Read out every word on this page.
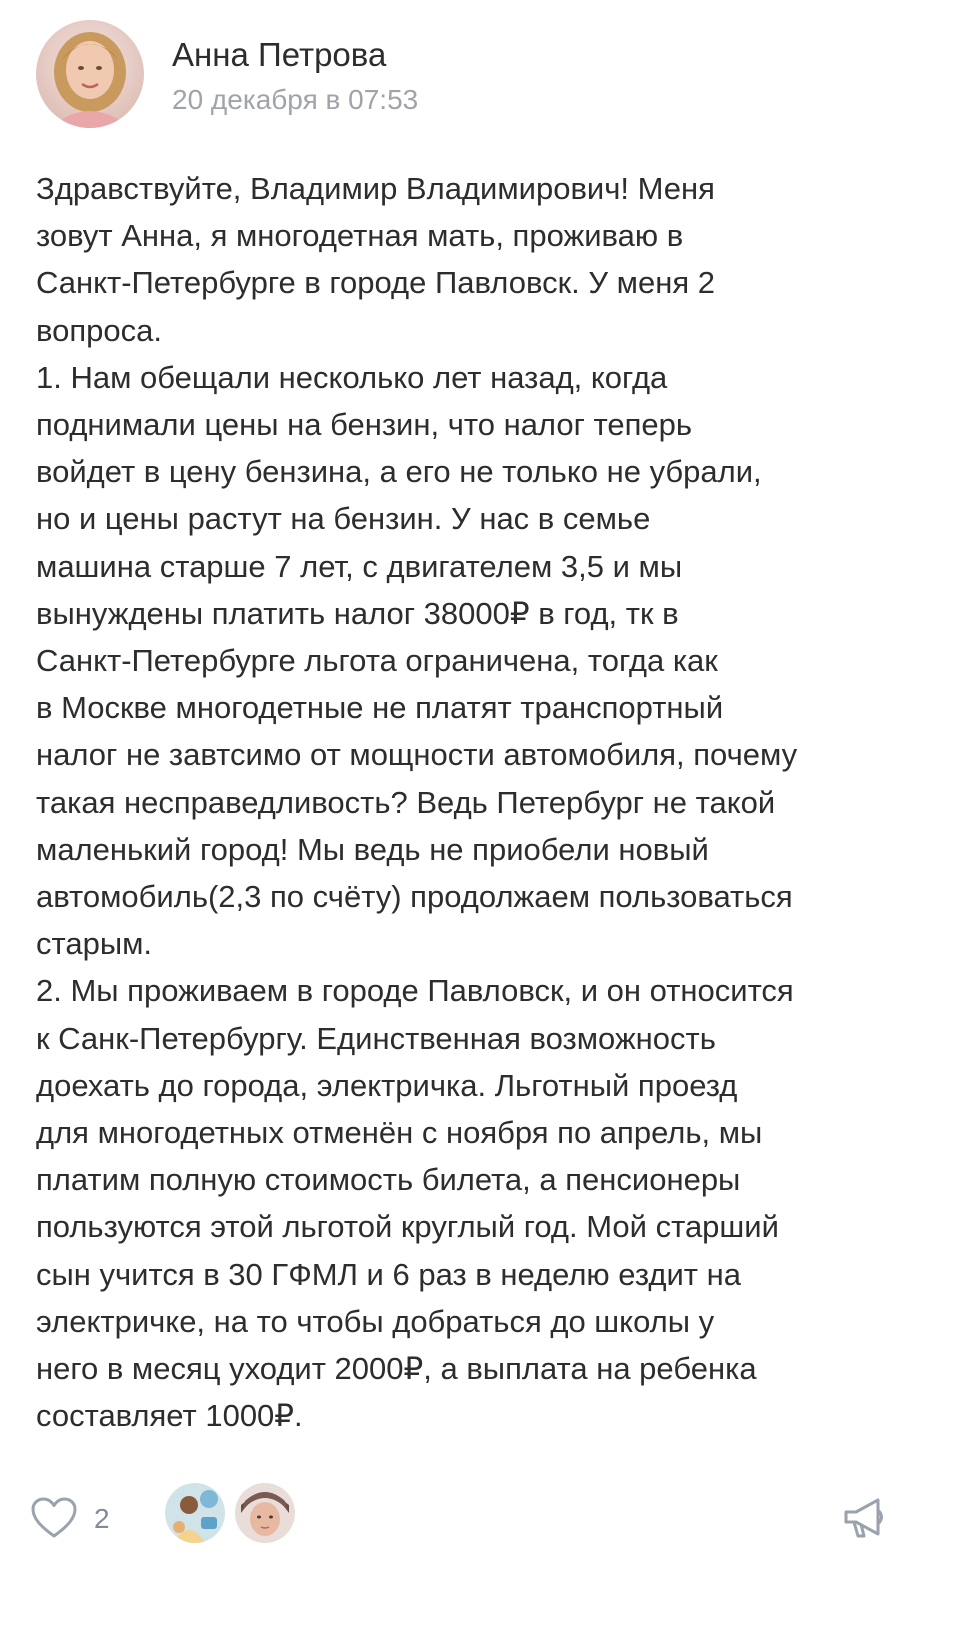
Анна Петрова
20 декабря в 07:53
Здравствуйте, Владимир Владимирович! Меня
зовут Анна, я многодетная мать, проживаю в
Санкт-Петербурге в городе Павловск. У меня 2
вопроса.
1. Нам обещали несколько лет назад, когда
поднимали цены на бензин, что налог теперь
войдет в цену бензина, а его не только не убрали,
но и цены растут на бензин. У нас в семье
машина старше 7 лет, с двигателем 3,5 и мы
вынуждены платить налог 38000₽ в год, тк в
Санкт-Петербурге льгота ограничена, тогда как
в Москве многодетные не платят транспортный
налог не завтсимо от мощности автомобиля, почему
такая несправедливость? Ведь Петербург не такой
маленький город! Мы ведь не приобели новый
автомобиль(2,3 по счёту) продолжаем пользоваться
старым.
2. Мы проживаем в городе Павловск, и он относится
к Санк-Петербургу. Единственная возможность
доехать до города, электричка. Льготный проезд
для многодетных отменён с ноября по апрель, мы
платим полную стоимость билета, а пенсионеры
пользуются этой льготой круглый год. Мой старший
сын учится в 30 ГФМЛ и 6 раз в неделю ездит на
электричке, на то чтобы добраться до школы у
него в месяц уходит 2000₽, а выплата на ребенка
составляет 1000₽.
2
